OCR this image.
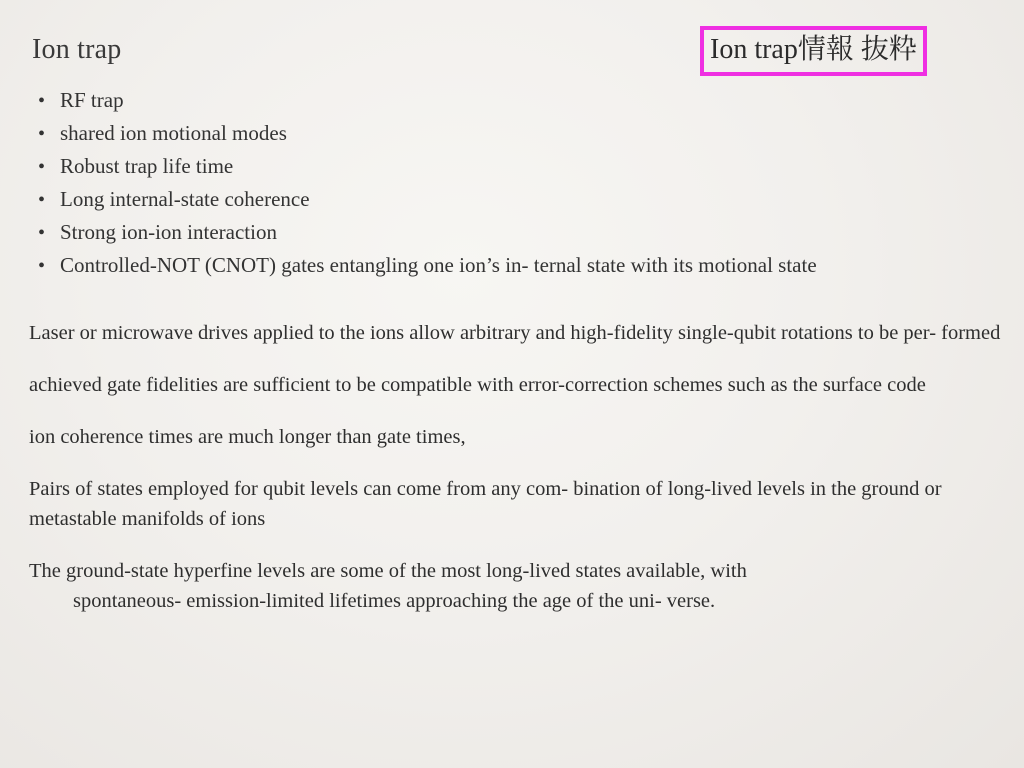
Ion trap	Ion trap情報 抜粋
• RF trap
• shared ion motional modes
• Robust trap life time
• Long internal-state coherence
• Strong ion-ion interaction
• Controlled-NOT (CNOT) gates entangling one ion’s in- ternal state with its motional state
Laser or microwave drives applied to the ions allow arbitrary and high-fidelity single-qubit rotations to be per- formed
achieved gate fidelities are sufficient to be compatible with error-correction schemes such as the surface code
ion coherence times are much longer than gate times,
Pairs of states employed for qubit levels can come from any com- bination of long-lived levels in the ground or metastable manifolds of ions
The ground-state hyperfine levels are some of the most long-lived states available, with
spontaneous- emission-limited lifetimes approaching the age of the uni- verse.
